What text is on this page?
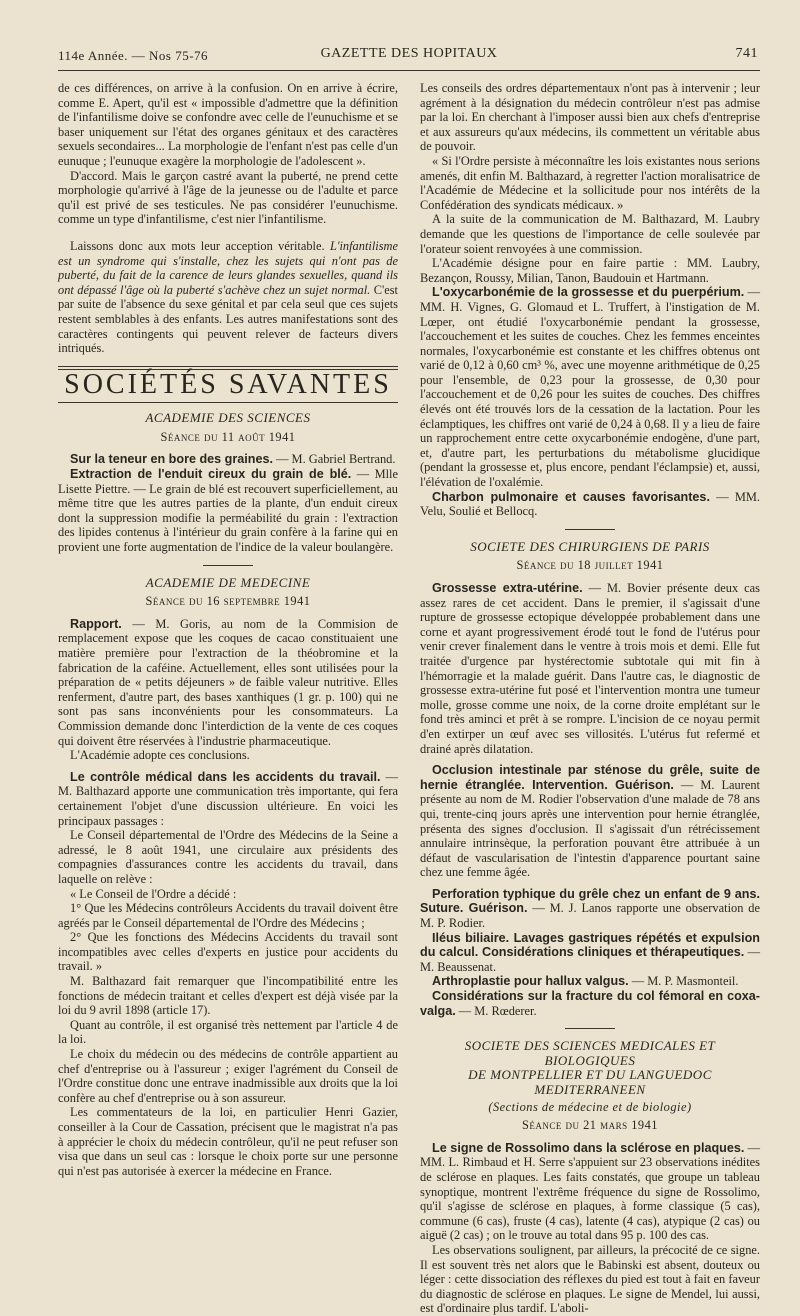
114e Année. — Nos 75-76	GAZETTE DES HOPITAUX	741

de ces différences, on arrive à la confusion. On en arrive à écrire, comme E. Apert, qu'il est « impossible d'admettre que la définition de l'infantilisme doive se confondre avec celle de l'eunuchisme et se baser uniquement sur l'état des organes génitaux et des caractères sexuels secondaires... La morphologie de l'enfant n'est pas celle d'un eunuque ; l'eunuque exagère la morphologie de l'adolescent ».

D'accord. Mais le garçon castré avant la puberté, ne prend cette morphologie qu'arrivé à l'âge de la jeunesse ou de l'adulte et parce qu'il est privé de ses testicules. Ne pas considérer l'eunuchisme. comme un type d'infantilisme, c'est nier l'infantilisme.

Laissons donc aux mots leur acception véritable. L'infantilisme est un syndrome qui s'installe, chez les sujets qui n'ont pas de puberté, du fait de la carence de leurs glandes sexuelles, quand ils ont dépassé l'âge où la puberté s'achève chez un sujet normal. C'est par suite de l'absence du sexe génital et par cela seul que ces sujets restent semblables à des enfants. Les autres manifestations sont des caractères contingents qui peuvent relever de facteurs divers intriqués.

SOCIÉTÉS SAVANTES
ACADEMIE DES SCIENCES
Séance du 11 août 1941

Sur la teneur en bore des graines. — M. Gabriel Bertrand.

Extraction de l'enduit cireux du grain de blé. — Mlle Lisette Piettre. — Le grain de blé est recouvert superficiellement, au même titre que les autres parties de la plante, d'un enduit cireux dont la suppression modifie la perméabilité du grain : l'extraction des lipides contenus à l'intérieur du grain confère à la farine qui en provient une forte augmentation de l'indice de la valeur boulangère.

ACADEMIE DE MEDECINE
Séance du 16 septembre 1941

Rapport. — M. Goris, au nom de la Commision de remplacement expose que les coques de cacao constituaient une matière première pour l'extraction de la théobromine et la fabrication de la caféine. Actuellement, elles sont utilisées pour la préparation de « petits déjeuners » de faible valeur nutritive. Elles renferment, d'autre part, des bases xanthiques (1 gr. p. 100) qui ne sont pas sans inconvénients pour les consommateurs. La Commission demande donc l'interdiction de la vente de ces coques qui doivent être réservées à l'industrie pharmaceutique.

L'Académie adopte ces conclusions.

Le contrôle médical dans les accidents du travail. — M. Balthazard apporte une communication très importante, qui fera certainement l'objet d'une discussion ultérieure. En voici les principaux passages :

Le Conseil départemental de l'Ordre des Médecins de la Seine a adressé, le 8 août 1941, une circulaire aux présidents des compagnies d'assurances contre les accidents du travail, dans laquelle on relève :

« Le Conseil de l'Ordre a décidé :

1° Que les Médecins contrôleurs Accidents du travail doivent être agréés par le Conseil départemental de l'Ordre des Médecins ;

2° Que les fonctions des Médecins Accidents du travail sont incompatibles avec celles d'experts en justice pour accidents du travail. »

M. Balthazard fait remarquer que l'incompatibilité entre les fonctions de médecin traitant et celles d'expert est déjà visée par la loi du 9 avril 1898 (article 17).

Quant au contrôle, il est organisé très nettement par l'article 4 de la loi.

Le choix du médecin ou des médecins de contrôle appartient au chef d'entreprise ou à l'assureur ; exiger l'agrément du Conseil de l'Ordre constitue donc une entrave inadmissible aux droits que la loi confère au chef d'entreprise ou à son assureur.

Les commentateurs de la loi, en particulier Henri Gazier, conseiller à la Cour de Cassation, précisent que le magistrat n'a pas à apprécier le choix du médecin contrôleur, qu'il ne peut refuser son visa que dans un seul cas : lorsque le choix porte sur une personne qui n'est pas autorisée à exercer la médecine en France.

Les conseils des ordres départementaux n'ont pas à intervenir ; leur agrément à la désignation du médecin contrôleur n'est pas admise par la loi. En cherchant à l'imposer aussi bien aux chefs d'entreprise et aux assureurs qu'aux médecins, ils commettent un véritable abus de pouvoir.

« Si l'Ordre persiste à méconnaître les lois existantes nous serions amenés, dit enfin M. Balthazard, à regretter l'action moralisatrice de l'Académie de Médecine et la sollicitude pour nos intérêts de la Confédération des syndicats médicaux. »

A la suite de la communication de M. Balthazard, M. Laubry demande que les questions de l'importance de celle soulevée par l'orateur soient renvoyées à une commission.

L'Académie désigne pour en faire partie : MM. Laubry, Bezançon, Roussy, Milian, Tanon, Baudouin et Hartmann.

L'oxycarbonémie de la grossesse et du puerpérium. — MM. H. Vignes, G. Glomaud et L. Truffert, à l'instigation de M. Lœper, ont étudié l'oxycarbonémie pendant la grossesse, l'accouchement et les suites de couches. Chez les femmes enceintes normales, l'oxycarbonémie est constante et les chiffres obtenus ont varié de 0,12 à 0,60 cm³ %, avec une moyenne arithmétique de 0,25 pour l'ensemble, de 0,23 pour la grossesse, de 0,30 pour l'accouchement et de 0,26 pour les suites de couches. Des chiffres élevés ont été trouvés lors de la cessation de la lactation. Pour les éclamptiques, les chiffres ont varié de 0,24 à 0,68. Il y a lieu de faire un rapprochement entre cette oxycarbonémie endogène, d'une part, et, d'autre part, les perturbations du métabolisme glucidique (pendant la grossesse et, plus encore, pendant l'éclampsie) et, aussi, l'élévation de l'oxalémie.

Charbon pulmonaire et causes favorisantes. — MM. Velu, Soulié et Bellocq.

SOCIETE DES CHIRURGIENS DE PARIS
Séance du 18 juillet 1941

Grossesse extra-utérine. — M. Bovier présente deux cas assez rares de cet accident. Dans le premier, il s'agissait d'une rupture de grossesse ectopique développée probablement dans une corne et ayant progressivement érodé tout le fond de l'utérus pour venir crever finalement dans le ventre à trois mois et demi. Elle fut traitée d'urgence par hystérectomie subtotale qui mit fin à l'hémorragie et la malade guérit. Dans l'autre cas, le diagnostic de grossesse extra-utérine fut posé et l'intervention montra une tumeur molle, grosse comme une noix, de la corne droite emplétant sur le fond très aminci et prêt à se rompre. L'incision de ce noyau permit d'en extirper un œuf avec ses villosités. L'utérus fut refermé et drainé après dilatation.

Occlusion intestinale par sténose du grêle, suite de hernie étranglée. Intervention. Guérison. — M. Laurent présente au nom de M. Rodier l'observation d'une malade de 78 ans qui, trente-cinq jours après une intervention pour hernie étranglée, présenta des signes d'occlusion. Il s'agissait d'un rétrécissement annulaire intrinsèque, la perforation pouvant être attribuée à un défaut de vascularisation de l'intestin d'apparence pourtant saine chez une femme âgée.

Perforation typhique du grêle chez un enfant de 9 ans. Suture. Guérison. — M. J. Lanos rapporte une observation de M. P. Rodier.

Iléus biliaire. Lavages gastriques répétés et expulsion du calcul. Considérations cliniques et thérapeutiques. — M. Beaussenat.

Arthroplastie pour hallux valgus. — M. P. Masmonteil.

Considérations sur la fracture du col fémoral en coxa-valga. — M. Rœderer.

SOCIETE DES SCIENCES MEDICALES ET BIOLOGIQUES
DE MONTPELLIER ET DU LANGUEDOC MEDITERRANEEN
(Sections de médecine et de biologie)
Séance du 21 mars 1941

Le signe de Rossolimo dans la sclérose en plaques. — MM. L. Rimbaud et H. Serre s'appuient sur 23 observations inédites de sclérose en plaques. Les faits constatés, que groupe un tableau synoptique, montrent l'extrême fréquence du signe de Rossolimo, qu'il s'agisse de sclérose en plaques, à forme classique (5 cas), commune (6 cas), fruste (4 cas), latente (4 cas), atypique (2 cas) ou aiguë (2 cas) ; on le trouve au total dans 95 p. 100 des cas.

Les observations soulignent, par ailleurs, la précocité de ce signe. Il est souvent très net alors que le Babinski est absent, douteux ou léger : cette dissociation des réflexes du pied est tout à fait en faveur du diagnostic de sclérose en plaques. Le signe de Mendel, lui aussi, est d'ordinaire plus tardif. L'aboli-
